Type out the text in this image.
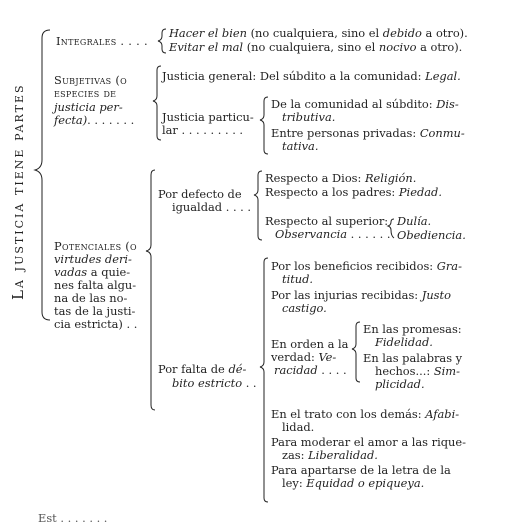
La justicia tiene partes
Integrales . . . .
Hacer el bien (no cualquiera, sino el debido a otro).
Evitar el mal (no cualquiera, sino el nocivo a otro).
Subjetivas (o
especies de
justicia per-
fecta). . . . . . .
Justicia general: Del súbdito a la comunidad: Legal.
Justicia particu-
lar . . . . . . . . .
De la comunidad al súbdito: Dis-
tributiva.
Entre personas privadas: Conmu-
tativa.
Potenciales (o
virtudes deri-
vadas a quie-
nes falta algu-
na de las no-
tas de la justi-
cia estricta) . .
Por defecto de
igualdad . . . .
Respecto a Dios: Religión.
Respecto a los padres: Piedad.
Respecto al superior:
Observancia . . . . . .
Dulía.
Obediencia.
Por falta de dé-
bito estricto . .
Por los beneficios recibidos: Gra-
titud.
Por las injurias recibidas: Justo
castigo.
En orden a la
verdad: Ve-
racidad . . . .
En las promesas:
Fidelidad.
En las palabras y
hechos...: Sim-
plicidad.
En el trato con los demás: Afabi-
lidad.
Para moderar el amor a las rique-
zas: Liberalidad.
Para apartarse de la letra de la
ley: Equidad o epiqueya.
Est . . . . . . .
